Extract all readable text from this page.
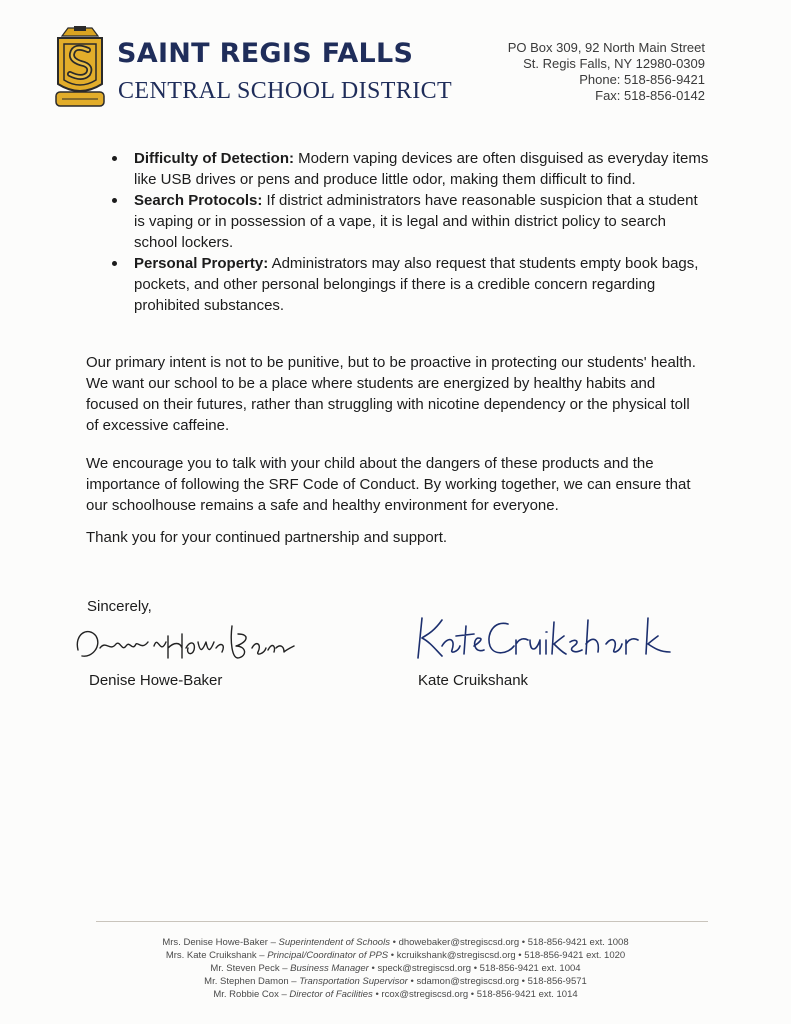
SAINT REGIS FALLS
CENTRAL SCHOOL DISTRICT
PO Box 309, 92 North Main Street
St. Regis Falls, NY 12980-0309
Phone: 518-856-9421
Fax: 518-856-0142
Difficulty of Detection: Modern vaping devices are often disguised as everyday items like USB drives or pens and produce little odor, making them difficult to find.
Search Protocols: If district administrators have reasonable suspicion that a student is vaping or in possession of a vape, it is legal and within district policy to search school lockers.
Personal Property: Administrators may also request that students empty book bags, pockets, and other personal belongings if there is a credible concern regarding prohibited substances.

Our primary intent is not to be punitive, but to be proactive in protecting our students' health. We want our school to be a place where students are energized by healthy habits and focused on their futures, rather than struggling with nicotine dependency or the physical toll of excessive caffeine.

We encourage you to talk with your child about the dangers of these products and the importance of following the SRF Code of Conduct. By working together, we can ensure that our schoolhouse remains a safe and healthy environment for everyone.

Thank you for your continued partnership and support.

Sincerely,
Denise Howe-Baker	Kate Cruikshank
Mrs. Denise Howe-Baker – Superintendent of Schools • dhowebaker@stregiscsd.org • 518-856-9421 ext. 1008
Mrs. Kate Cruikshank – Principal/Coordinator of PPS • kcruikshank@stregiscsd.org • 518-856-9421 ext. 1020
Mr. Steven Peck – Business Manager • speck@stregiscsd.org • 518-856-9421 ext. 1004
Mr. Stephen Damon – Transportation Supervisor • sdamon@stregiscsd.org • 518-856-9571
Mr. Robbie Cox – Director of Facilities • rcox@stregiscsd.org • 518-856-9421 ext. 1014
